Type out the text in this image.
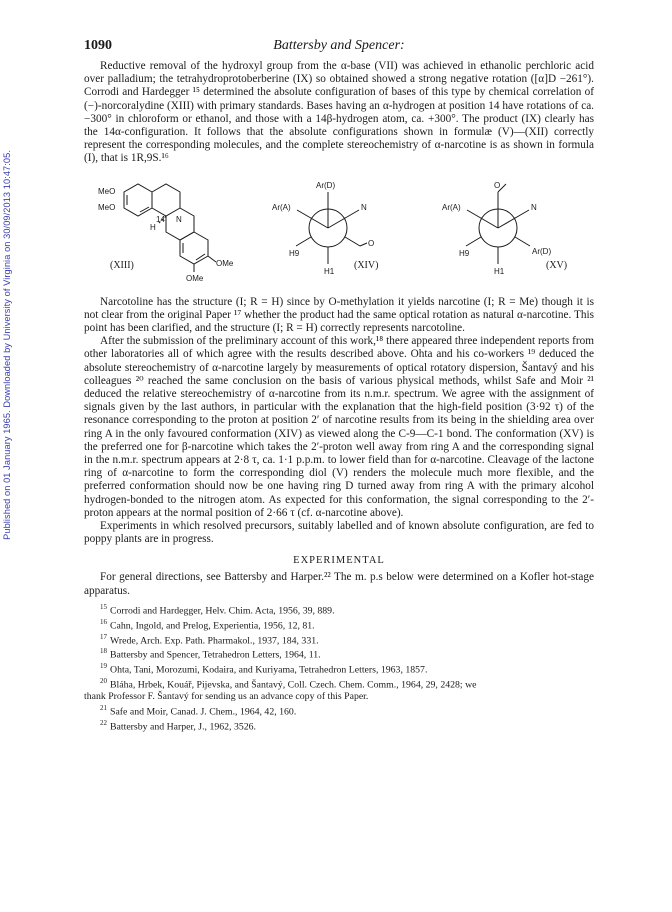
Published on 01 January 1965. Downloaded by University of Virginia on 30/09/2013 10:47:05.
1090	Battersby and Spencer:

Reductive removal of the hydroxyl group from the α-base (VII) was achieved in ethanolic perchloric acid over palladium; the tetrahydroprotoberberine (IX) so obtained showed a strong negative rotation ([α]D −261°). Corrodi and Hardegger ¹⁵ determined the absolute configuration of bases of this type by chemical correlation of (−)-norcoralydine (XIII) with primary standards. Bases having an α-hydrogen at position 14 have rotations of ca. −300° in chloroform or ethanol, and those with a 14β-hydrogen atom, ca. +300°. The product (IX) clearly has the 14α-configuration. It follows that the absolute configurations shown in formulæ (V)—(XII) correctly represent the corresponding molecules, and the complete stereochemistry of α-narcotine is as shown in formula (I), that is 1R,9S.¹⁶

MeO
MeO
14 N
H
OMe
OMe
(XIII)
Ar(D)
Ar(A)	N
O
H9
H1
(XIV)
Ar(A)
O
N
H9	Ar(D)
H1
(XV)

Narcotoline has the structure (I; R = H) since by O-methylation it yields narcotine (I; R = Me) though it is not clear from the original Paper ¹⁷ whether the product had the same optical rotation as natural α-narcotine. This point has been clarified, and the structure (I; R = H) correctly represents narcotoline.

After the submission of the preliminary account of this work,¹⁸ there appeared three independent reports from other laboratories all of which agree with the results described above. Ohta and his co-workers ¹⁹ deduced the absolute stereochemistry of α-narcotine largely by measurements of optical rotatory dispersion, Šantavý and his colleagues ²⁰ reached the same conclusion on the basis of various physical methods, whilst Safe and Moir ²¹ deduced the relative stereochemistry of α-narcotine from its n.m.r. spectrum. We agree with the assignment of signals given by the last authors, in particular with the explanation that the high-field position (3·92 τ) of the resonance corresponding to the proton at position 2′ of narcotine results from its being in the shielding area over ring A in the only favoured conformation (XIV) as viewed along the C-9—C-1 bond. The conformation (XV) is the preferred one for β-narcotine which takes the 2′-proton well away from ring A and the corresponding signal in the n.m.r. spectrum appears at 2·8 τ, ca. 1·1 p.p.m. to lower field than for α-narcotine. Cleavage of the lactone ring of α-narcotine to form the corresponding diol (V) renders the molecule much more flexible, and the preferred conformation should now be one having ring D turned away from ring A with the primary alcohol hydrogen-bonded to the nitrogen atom. As expected for this conformation, the signal corresponding to the 2′-proton appears at the normal position of 2·66 τ (cf. α-narcotine above).

Experiments in which resolved precursors, suitably labelled and of known absolute configuration, are fed to poppy plants are in progress.

EXPERIMENTAL

For general directions, see Battersby and Harper.²² The m. p.s below were determined on a Kofler hot-stage apparatus.

$^{15}$ Corrodi and Hardegger, Helv. Chim. Acta, 1956, 39, 889.
$^{16}$ Cahn, Ingold, and Prelog, Experientia, 1956, 12, 81.
$^{17}$ Wrede, Arch. Exp. Path. Pharmakol., 1937, 184, 331.
$^{18}$ Battersby and Spencer, Tetrahedron Letters, 1964, 11.
$^{19}$ Ohta, Tani, Morozumi, Kodaira, and Kuriyama, Tetrahedron Letters, 1963, 1857.
$^{20}$ Bláha, Hrbek, Kouář, Pijevska, and Šantavý, Coll. Czech. Chem. Comm., 1964, 29, 2428; we
thank Professor F. Šantavý for sending us an advance copy of this Paper.
$^{21}$ Safe and Moir, Canad. J. Chem., 1964, 42, 160.
$^{22}$ Battersby and Harper, J., 1962, 3526.
